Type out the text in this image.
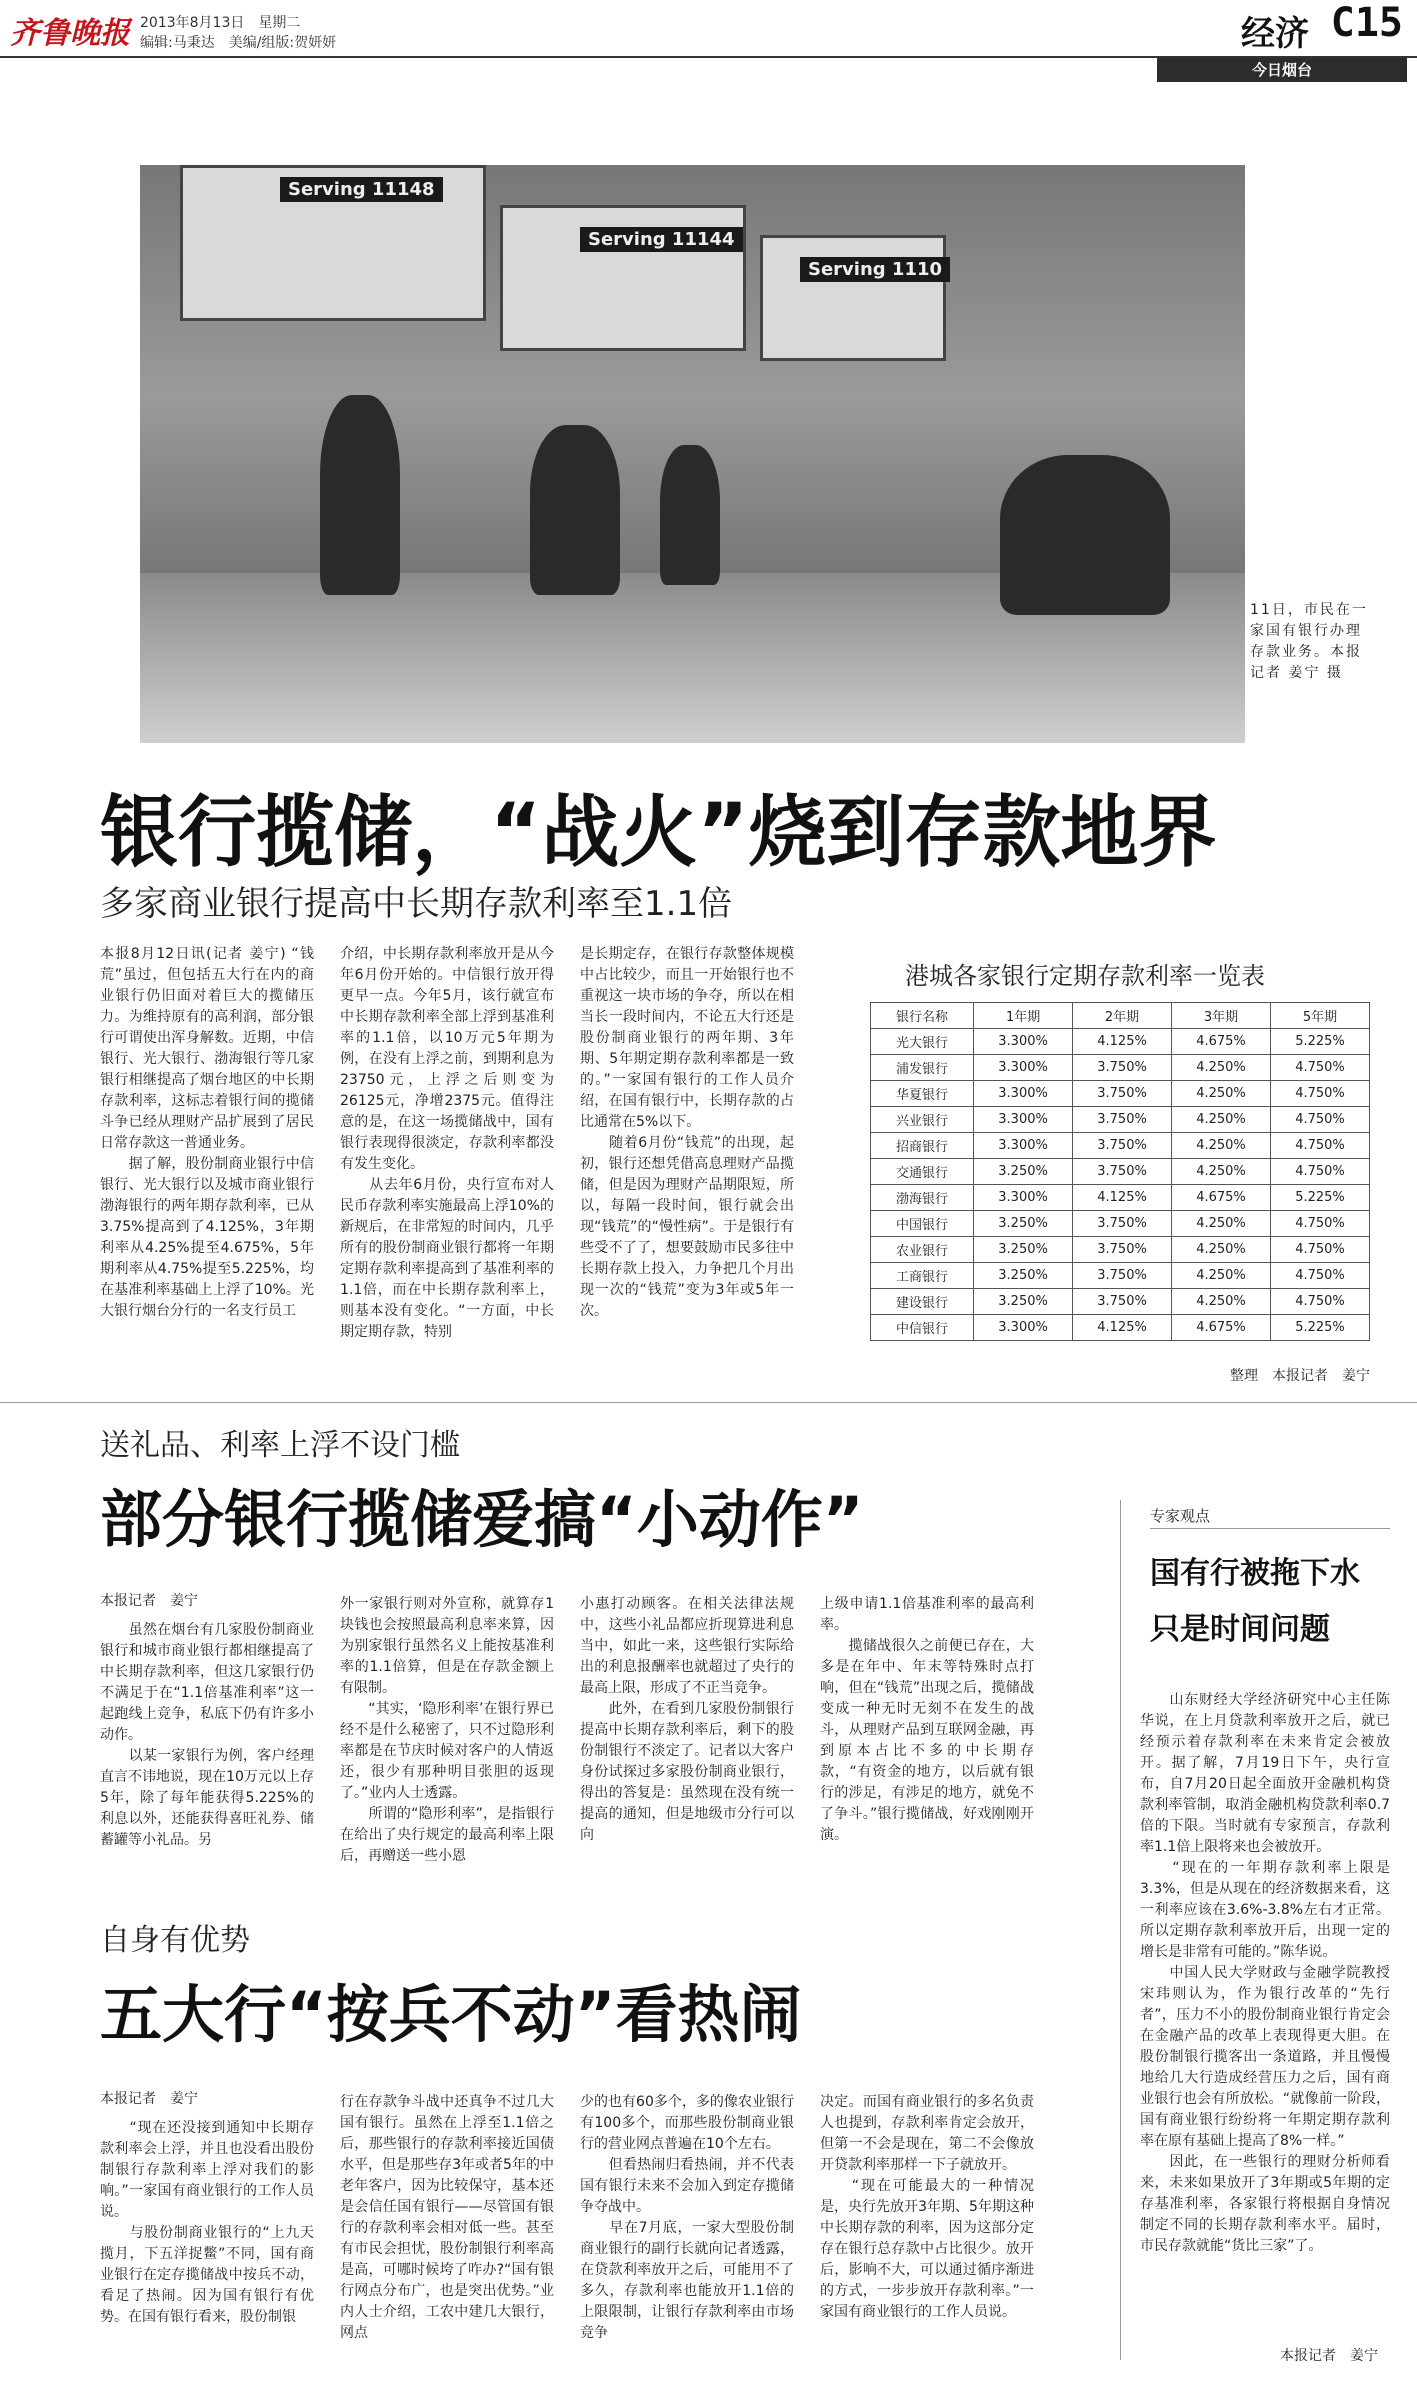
齐鲁晚报 2013年8月13日　星期二
编辑:马秉达　美编/组版:贺妍妍	经济 C15
今日烟台
Serving 11148
Serving 11144
Serving 1110
11日，市民在一家国有银行办理存款业务。本报记者 姜宁 摄
银行揽储，“战火”烧到存款地界
多家商业银行提高中长期存款利率至1.1倍
本报8月12日讯(记者 姜宁) “钱荒”虽过，但包括五大行在内的商业银行仍旧面对着巨大的揽储压力。为维持原有的高利润，部分银行可谓使出浑身解数。近期，中信银行、光大银行、渤海银行等几家银行相继提高了烟台地区的中长期存款利率，这标志着银行间的揽储斗争已经从理财产品扩展到了居民日常存款这一普通业务。
　　据了解，股份制商业银行中信银行、光大银行以及城市商业银行渤海银行的两年期存款利率，已从3.75%提高到了4.125%，3年期利率从4.25%提至4.675%，5年期利率从4.75%提至5.225%，均在基准利率基础上上浮了10%。光大银行烟台分行的一名支行员工
介绍，中长期存款利率放开是从今年6月份开始的。中信银行放开得更早一点。今年5月，该行就宣布中长期存款利率全部上浮到基准利率的1.1倍，以10万元5年期为例，在没有上浮之前，到期利息为23750元，上浮之后则变为26125元，净增2375元。值得注意的是，在这一场揽储战中，国有银行表现得很淡定，存款利率都没有发生变化。
　　从去年6月份，央行宣布对人民币存款利率实施最高上浮10%的新规后，在非常短的时间内，几乎所有的股份制商业银行都将一年期定期存款利率提高到了基准利率的1.1倍，而在中长期存款利率上，则基本没有变化。“一方面，中长期定期存款，特别
是长期定存，在银行存款整体规模中占比较少，而且一开始银行也不重视这一块市场的争夺，所以在相当长一段时间内，不论五大行还是股份制商业银行的两年期、3年期、5年期定期存款利率都是一致的。”一家国有银行的工作人员介绍，在国有银行中，长期存款的占比通常在5%以下。
　　随着6月份“钱荒”的出现，起初，银行还想凭借高息理财产品揽储，但是因为理财产品期限短，所以，每隔一段时间，银行就会出现“钱荒”的“慢性病”。于是银行有些受不了了，想要鼓励市民多往中长期存款上投入，力争把几个月出现一次的“钱荒”变为3年或5年一次。
港城各家银行定期存款利率一览表
银行名称	1年期	2年期	3年期	5年期
光大银行	3.300%	4.125%	4.675%	5.225%
浦发银行	3.300%	3.750%	4.250%	4.750%
华夏银行	3.300%	3.750%	4.250%	4.750%
兴业银行	3.300%	3.750%	4.250%	4.750%
招商银行	3.300%	3.750%	4.250%	4.750%
交通银行	3.250%	3.750%	4.250%	4.750%
渤海银行	3.300%	4.125%	4.675%	5.225%
中国银行	3.250%	3.750%	4.250%	4.750%
农业银行	3.250%	3.750%	4.250%	4.750%
工商银行	3.250%	3.750%	4.250%	4.750%
建设银行	3.250%	3.750%	4.250%	4.750%
中信银行	3.300%	4.125%	4.675%	5.225%
整理　本报记者　姜宁
送礼品、利率上浮不设门槛
部分银行揽储爱搞“小动作”
本报记者　姜宁
　　虽然在烟台有几家股份制商业银行和城市商业银行都相继提高了中长期存款利率，但这几家银行仍不满足于在“1.1倍基准利率”这一起跑线上竞争，私底下仍有许多小动作。
　　以某一家银行为例，客户经理直言不讳地说，现在10万元以上存5年，除了每年能获得5.225%的利息以外，还能获得喜旺礼券、储蓄罐等小礼品。另
外一家银行则对外宣称，就算存1块钱也会按照最高利息率来算，因为别家银行虽然名义上能按基准利率的1.1倍算，但是在存款金额上有限制。
　　“其实，‘隐形利率’在银行界已经不是什么秘密了，只不过隐形利率都是在节庆时候对客户的人情返还，很少有那种明目张胆的返现了。”业内人士透露。
　　所谓的“隐形利率”，是指银行在给出了央行规定的最高利率上限后，再赠送一些小恩
小惠打动顾客。在相关法律法规中，这些小礼品都应折现算进利息当中，如此一来，这些银行实际给出的利息报酬率也就超过了央行的最高上限，形成了不正当竞争。
　　此外，在看到几家股份制银行提高中长期存款利率后，剩下的股份制银行不淡定了。记者以大客户身份试探过多家股份制商业银行，得出的答复是：虽然现在没有统一提高的通知，但是地级市分行可以向
上级申请1.1倍基准利率的最高利率。
　　揽储战很久之前便已存在，大多是在年中、年末等特殊时点打响，但在“钱荒”出现之后，揽储战变成一种无时无刻不在发生的战斗，从理财产品到互联网金融，再到原本占比不多的中长期存款，“有资金的地方，以后就有银行的涉足，有涉足的地方，就免不了争斗。”银行揽储战，好戏刚刚开演。
专家观点
国有行被拖下水
只是时间问题
　　山东财经大学经济研究中心主任陈华说，在上月贷款利率放开之后，就已经预示着存款利率在未来肯定会被放开。据了解，7月19日下午，央行宣布，自7月20日起全面放开金融机构贷款利率管制，取消金融机构贷款利率0.7倍的下限。当时就有专家预言，存款利率1.1倍上限将来也会被放开。
　　“现在的一年期存款利率上限是3.3%，但是从现在的经济数据来看，这一利率应该在3.6%-3.8%左右才正常。所以定期存款利率放开后，出现一定的增长是非常有可能的。”陈华说。
　　中国人民大学财政与金融学院教授宋玮则认为，作为银行改革的“先行者”，压力不小的股份制商业银行肯定会在金融产品的改革上表现得更大胆。在股份制银行揽客出一条道路，并且慢慢地给几大行造成经营压力之后，国有商业银行也会有所放松。“就像前一阶段，国有商业银行纷纷将一年期定期存款利率在原有基础上提高了8%一样。”
　　因此，在一些银行的理财分析师看来，未来如果放开了3年期或5年期的定存基准利率，各家银行将根据自身情况制定不同的长期存款利率水平。届时，市民存款就能“货比三家”了。
本报记者　姜宁
自身有优势
五大行“按兵不动”看热闹
本报记者　姜宁
　　“现在还没接到通知中长期存款利率会上浮，并且也没看出股份制银行存款利率上浮对我们的影响。”一家国有商业银行的工作人员说。
　　与股份制商业银行的“上九天揽月，下五洋捉鳖”不同，国有商业银行在定存揽储战中按兵不动，看足了热闹。因为国有银行有优势。在国有银行看来，股份制银
行在存款争斗战中还真争不过几大国有银行。虽然在上浮至1.1倍之后，那些银行的存款利率接近国债水平，但是那些存3年或者5年的中老年客户，因为比较保守，基本还是会信任国有银行——尽管国有银行的存款利率会相对低一些。甚至有市民会担忧，股份制银行利率高是高，可哪时候垮了咋办?“国有银行网点分布广，也是突出优势。”业内人士介绍，工农中建几大银行，网点
少的也有60多个，多的像农业银行有100多个，而那些股份制商业银行的营业网点普遍在10个左右。
　　但看热闹归看热闹，并不代表国有银行未来不会加入到定存揽储争夺战中。
　　早在7月底，一家大型股份制商业银行的副行长就向记者透露，在贷款利率放开之后，可能用不了多久，存款利率也能放开1.1倍的上限限制，让银行存款利率由市场竞争
决定。而国有商业银行的多名负责人也提到，存款利率肯定会放开，但第一不会是现在，第二不会像放开贷款利率那样一下子就放开。
　　“现在可能最大的一种情况是，央行先放开3年期、5年期这种中长期存款的利率，因为这部分定存在银行总存款中占比很少。放开后，影响不大，可以通过循序渐进的方式，一步步放开存款利率。”一家国有商业银行的工作人员说。
